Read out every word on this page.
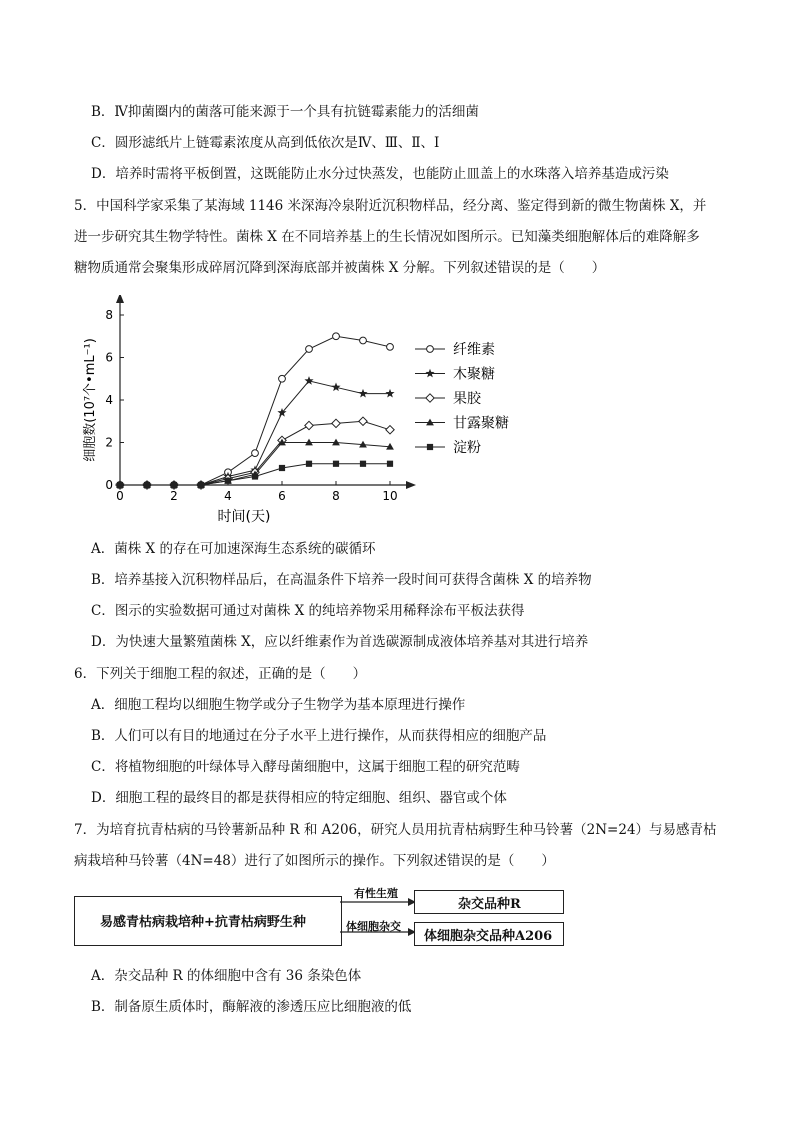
B．Ⅳ抑菌圈内的菌落可能来源于一个具有抗链霉素能力的活细菌
C．圆形滤纸片上链霉素浓度从高到低依次是Ⅳ、Ⅲ、Ⅱ、Ⅰ
D．培养时需将平板倒置，这既能防止水分过快蒸发，也能防止皿盖上的水珠落入培养基造成污染
5．中国科学家采集了某海域 1146 米深海冷泉附近沉积物样品，经分离、鉴定得到新的微生物菌株 X，并
进一步研究其生物学特性。菌株 X 在不同培养基上的生长情况如图所示。已知藻类细胞解体后的难降解多
糖物质通常会聚集形成碎屑沉降到深海底部并被菌株 X 分解。下列叙述错误的是（　　）
0	2	4	6	8	10
0
2
4
6
8
纤维素
木聚糖
果胶
甘露聚糖
淀粉
时间(天)
细胞数(10⁷个•mL⁻¹)
A．菌株 X 的存在可加速深海生态系统的碳循环
B．培养基接入沉积物样品后，在高温条件下培养一段时间可获得含菌株 X 的培养物
C．图示的实验数据可通过对菌株 X 的纯培养物采用稀释涂布平板法获得
D．为快速大量繁殖菌株 X，应以纤维素作为首选碳源制成液体培养基对其进行培养
6．下列关于细胞工程的叙述，正确的是（　　）
A．细胞工程均以细胞生物学或分子生物学为基本原理进行操作
B．人们可以有目的地通过在分子水平上进行操作，从而获得相应的细胞产品
C．将植物细胞的叶绿体导入酵母菌细胞中，这属于细胞工程的研究范畴
D．细胞工程的最终目的都是获得相应的特定细胞、组织、器官或个体
7．为培育抗青枯病的马铃薯新品种 R 和 A206，研究人员用抗青枯病野生种马铃薯（2N=24）与易感青枯
病栽培种马铃薯（4N=48）进行了如图所示的操作。下列叙述错误的是（　　）
易感青枯病栽培种+抗青枯病野生种
有性生殖
体细胞杂交
杂交品种R
体细胞杂交品种A206
A．杂交品种 R 的体细胞中含有 36 条染色体
B．制备原生质体时，酶解液的渗透压应比细胞液的低
